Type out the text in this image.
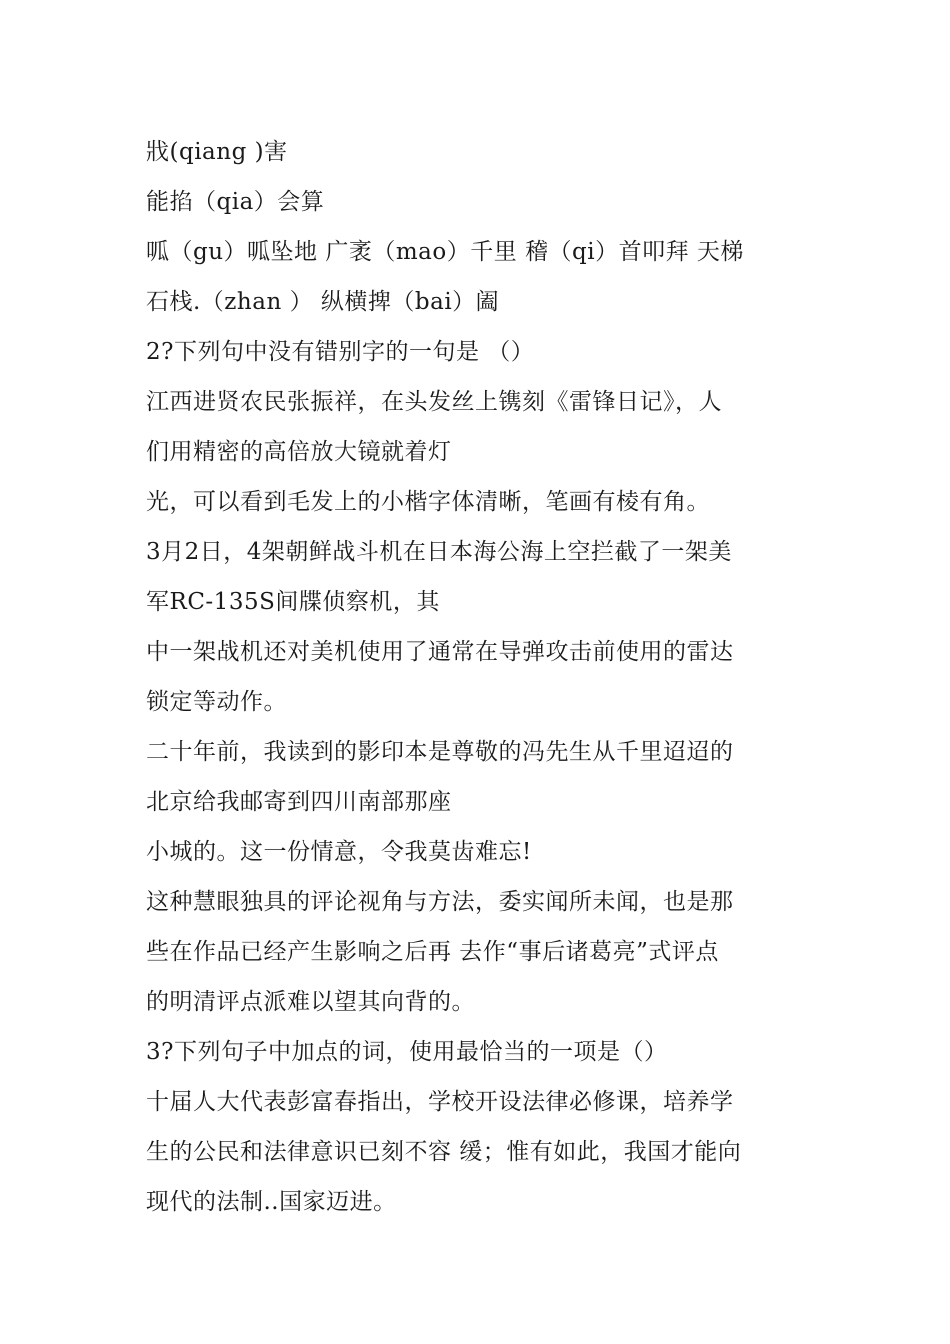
戕(qiang )害
能掐（qia）会算
呱（gu）呱坠地 广袤（mao）千里 稽（qi）首叩拜 天梯
石栈.（zhan ） 纵横捭（bai）阖
2?下列句中没有错别字的一句是 （）
江西进贤农民张振祥，在头发丝上镌刻《雷锋日记》，人
们用精密的高倍放大镜就着灯
光，可以看到毛发上的小楷字体清晰，笔画有棱有角。
3月2日，4架朝鲜战斗机在日本海公海上空拦截了一架美
军RC-135S间牒侦察机，其
中一架战机还对美机使用了通常在导弹攻击前使用的雷达
锁定等动作。
二十年前，我读到的影印本是尊敬的冯先生从千里迢迢的
北京给我邮寄到四川南部那座
小城的。这一份情意，令我莫齿难忘!
这种慧眼独具的评论视角与方法，委实闻所未闻，也是那
些在作品已经产生影响之后再 去作“事后诸葛亮”式评点
的明清评点派难以望其向背的。
3?下列句子中加点的词，使用最恰当的一项是（）
十届人大代表彭富春指出，学校开设法律必修课，培养学
生的公民和法律意识已刻不容 缓；惟有如此，我国才能向
现代的法制..国家迈进。
